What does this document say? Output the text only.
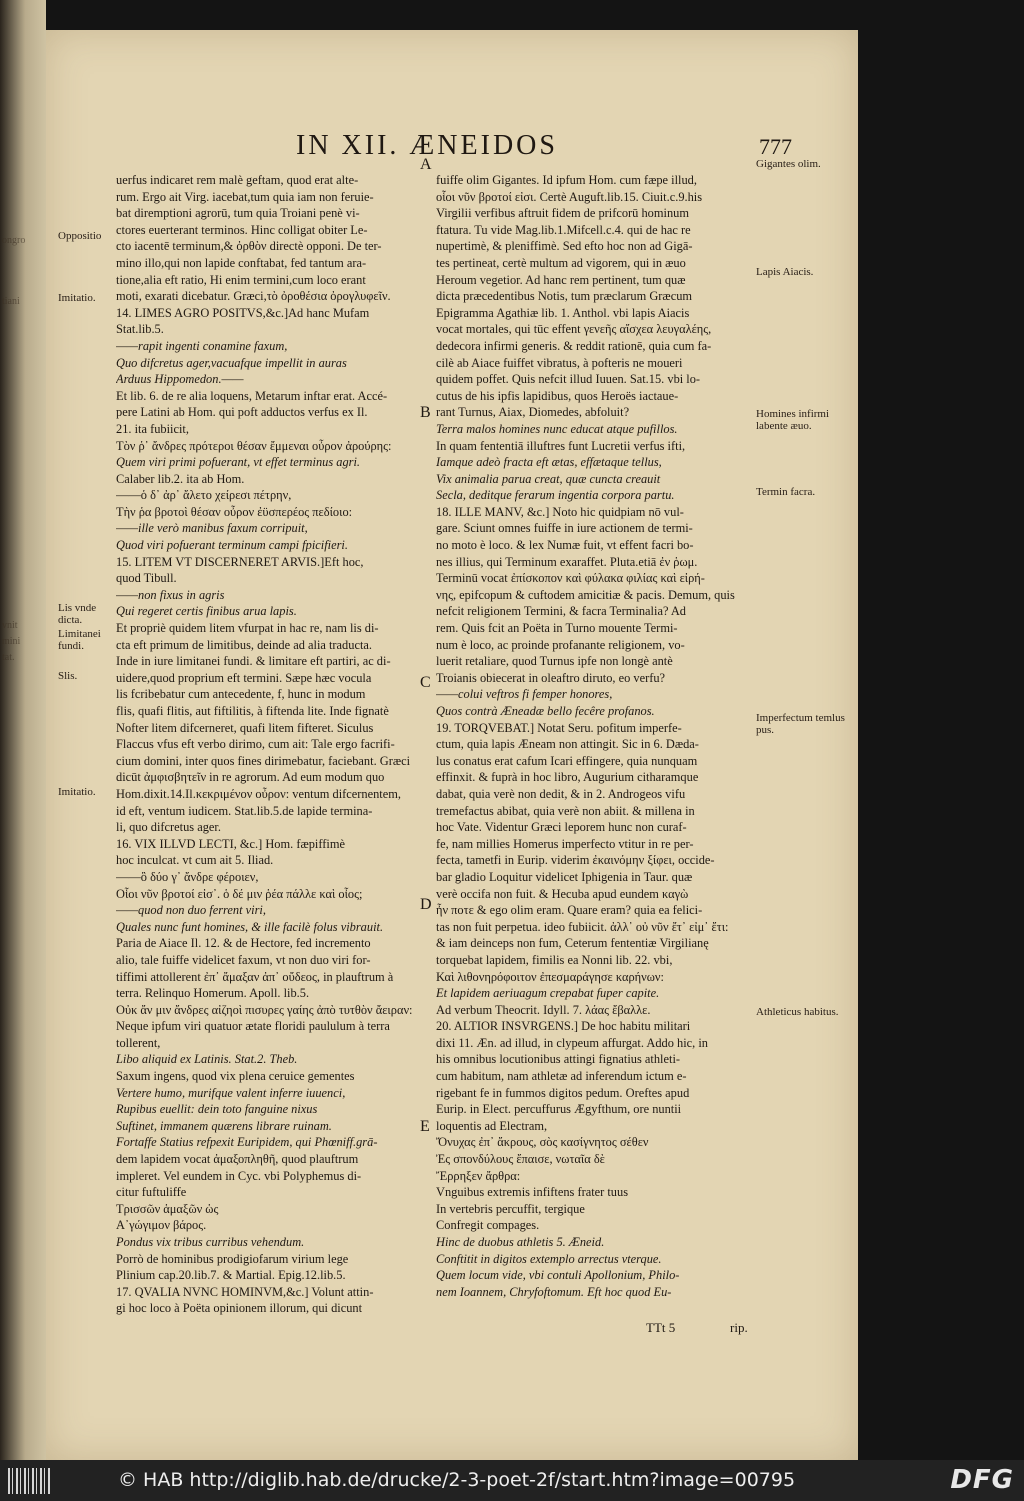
ongro
tiani
vnit
mini
tat.
IN XII. ÆNEIDOS	777
Oppositio
Imitatio.
Lis vnde dicta.
Limitanei fundi.
Slis.
Imitatio.
Gigantes olim.
Lapis Aiacis.
Homines infirmi labente æuo.
Termin facra.
Imperfectum temlus pus.
Athleticus habitus.
A
B
C
D
E
uerfus indicaret rem malè geftam, quod erat alte-
rum. Ergo ait Virg. iacebat,tum quia iam non feruie-
bat diremptioni agrorū, tum quia Troiani penè vi-
ctores euerterant terminos. Hinc colligat obiter Le-
cto iacentē terminum,& ὀρθὸν directè opponi. De ter-
mino illo,qui non lapide conftabat, fed tantum ara-
tione,alia eft ratio, Hi enim termini,cum loco erant
moti, exarati dicebatur. Græci,τὸ ὀροθέσια ὀρογλυφεῖν.
14. LIMES AGRO POSITVS,&c.]Ad hanc Mufam
Stat.lib.5.
——rapit ingenti conamine faxum,
Quo difcretus ager,vacuafque impellit in auras
Arduus Hippomedon.——
Et lib. 6. de re alia loquens, Metarum inftar erat. Accé-
pere Latini ab Hom. qui poft adductos verfus ex Il.
21. ita fubiicit,
Τὸν ῥ᾽ ἄνδρες πρότεροι θέσαν ἔμμεναι οὖρον ἀρούρης:
Quem viri primi pofuerant, vt effet terminus agri.
Calaber lib.2. ita ab Hom.
——ὁ δ᾽ ἀρ᾽ ἄλετο χείρεσι πέτρην,
Τὴν ῥα βροτοὶ θέσαν οὖρον ἐϋσπερέος πεδίοιο:
——ille verò manibus faxum corripuit,
Quod viri pofuerant terminum campi fpicifieri.
15. LITEM VT DISCERNERET ARVIS.]Eft hoc,
quod Tibull.
——non fixus in agris
Qui regeret certis finibus arua lapis.
Et propriè quidem litem vfurpat in hac re, nam lis di-
cta eft primum de limitibus, deinde ad alia traducta.
Inde in iure limitanei fundi. & limitare eft partiri, ac di-
uidere,quod proprium eft termini. Sæpe hæc vocula
lis fcribebatur cum antecedente, f, hunc in modum
flis, quafi flitis, aut fiftilitis, à fiftenda lite. Inde fignatè
Nofter litem difcerneret, quafi litem fifteret. Siculus
Flaccus vfus eft verbo dirimo, cum ait: Tale ergo facrifi-
cium domini, inter quos fines dirimebatur, faciebant. Græci
dicūt ἀμφισβητεῖν in re agrorum. Ad eum modum quo
Hom.dixit.14.Il.κεκριμένον οὖρον: ventum difcernentem,
id eft, ventum iudicem. Stat.lib.5.de lapide termina-
li, quo difcretus ager.
16. VIX ILLVD LECTI, &c.] Hom. fæpiffimè
hoc inculcat. vt cum ait 5. Iliad.
——ὃ δύο γ᾽ ἄνδρε φέροιεν,
Οἷοι νῦν βροτοί εἰσ᾽. ὁ δέ μιν ῥέα πάλλε καὶ οἶος;
——quod non duo ferrent viri,
Quales nunc funt homines, & ille facilè folus vibrauit.
Paria de Aiace Il. 12. & de Hectore, fed incremento
alio, tale fuiffe videlicet faxum, vt non duo viri for-
tiffimi attollerent ἐπ᾽ ἄμαξαν ἀπ᾽ οὔδεος, in plauftrum à
terra. Relinquo Homerum. Apoll. lib.5.
Οὐκ ἄν μιν ἄνδρες αἰζηοὶ πισυρες γαίης ἀπὸ τυτθὸν ἄειραν:
Neque ipfum viri quatuor ætate floridi paululum à terra
tollerent,
Libo aliquid ex Latinis. Stat.2. Theb.
Saxum ingens, quod vix plena ceruice gementes
Vertere humo, murifque valent inferre iuuenci,
Rupibus euellit: dein toto fanguine nixus
Suftinet, immanem quærens librare ruinam.
Fortaffe Statius refpexit Euripidem, qui Phœniff.grā-
dem lapidem vocat ἀμαξοπληθῆ, quod plauftrum
impleret. Vel eundem in Cyc. vbi Polyphemus di-
citur fuftuliffe
Τρισσῶν ἁμαξῶν ὡς
Α᾽γώγιμον βάρος.
Pondus vix tribus curribus vehendum.
Porrò de hominibus prodigiofarum virium lege
Plinium cap.20.lib.7. & Martial. Epig.12.lib.5.
17. QVALIA NVNC HOMINVM,&c.] Volunt attin-
gi hoc loco à Poëta opinionem illorum, qui dicunt
fuiffe olim Gigantes. Id ipfum Hom. cum fæpe illud,
οἷοι νῦν βροτοί εἰσι. Certè Auguft.lib.15. Ciuit.c.9.his
Virgilii verfibus aftruit fidem de prifcorū hominum
ftatura. Tu vide Mag.lib.1.Mifcell.c.4. qui de hac re
nupertimè, & pleniffimè. Sed efto hoc non ad Gigā-
tes pertineat, certè multum ad vigorem, qui in æuo
Heroum vegetior. Ad hanc rem pertinent, tum quæ
dicta præcedentibus Notis, tum præclarum Græcum
Epigramma Agathiæ lib. 1. Anthol. vbi lapis Aiacis
vocat mortales, qui tūc effent γενεῆς αἴσχεα λευγαλέης,
dedecora infirmi generis. & reddit rationē, quia cum fa-
cilè ab Aiace fuiffet vibratus, à pofteris ne moueri
quidem poffet. Quis nefcit illud Iuuen. Sat.15. vbi lo-
cutus de his ipfis lapidibus, quos Heroës iactaue-
rant Turnus, Aiax, Diomedes, abfoluit?
Terra malos homines nunc educat atque pufillos.
In quam fententiā illuftres funt Lucretii verfus ifti,
Iamque adeò fracta eft ætas, effætaque tellus,
Vix animalia parua creat, quæ cuncta creauit
Secla, deditque ferarum ingentia corpora partu.
18. ILLE MANV, &c.] Noto hic quidpiam nō vul-
gare. Sciunt omnes fuiffe in iure actionem de termi-
no moto è loco. & lex Numæ fuit, vt effent facri bo-
nes illius, qui Terminum exaraffet. Pluta.etiā ἐν ῥωμ.
Terminū vocat ἐπίσκοπον καὶ φύλακα φιλίας καὶ εἰρή-
νης, epifcopum & cuftodem amicitiæ & pacis. Demum, quis
nefcit religionem Termini, & facra Terminalia? Ad
rem. Quis fcit an Poëta in Turno mouente Termi-
num è loco, ac proinde profanante religionem, vo-
luerit retaliare, quod Turnus ipfe non longè antè
Troianis obiecerat in oleaftro diruto, eo verfu?
——colui veftros fi femper honores,
Quos contrà Æneadæ bello fecêre profanos.
19. TORQVEBAT.] Notat Seru. pofitum imperfe-
ctum, quia lapis Æneam non attingit. Sic in 6. Dæda-
lus conatus erat cafum Icari effingere, quia nunquam
effinxit. & fuprà in hoc libro, Augurium citharamque
dabat, quia verè non dedit, & in 2. Androgeos vifu
tremefactus abibat, quia verè non abiit. & millena in
hoc Vate. Videntur Græci leporem hunc non curaf-
fe, nam millies Homerus imperfecto vtitur in re per-
fecta, tametfi in Eurip. viderim ἐκαινόμην ξίφει, occide-
bar gladio Loquitur videlicet Iphigenia in Taur. quæ
verè occifa non fuit. & Hecuba apud eundem καγὼ
ἦν ποτε & ego olim eram. Quare eram? quia ea felici-
tas non fuit perpetua. ideo fubiicit. ἀλλ᾽ οὐ νῦν ἔτ᾽ εἰμ᾽ ἔτι:
& iam deinceps non fum, Ceterum fententiæ Virgilianę
torquebat lapidem, fimilis ea Nonni lib. 22. vbi,
Καὶ λιθονηρόφοιτον ἐπεσμαράγησε καρήνων:
Et lapidem aeriuagum crepabat fuper capite.
Ad verbum Theocrit. Idyll. 7. λάας ἔβαλλε.
20. ALTIOR INSVRGENS.] De hoc habitu militari
dixi 11. Æn. ad illud, in clypeum affurgat. Addo hic, in
his omnibus locutionibus attingi fignatius athleti-
cum habitum, nam athletæ ad inferendum ictum e-
rigebant fe in fummos digitos pedum. Oreftes apud
Eurip. in Elect. percuffurus Ægyfthum, ore nuntii
loquentis ad Electram,
Ὄνυχας ἐπ᾽ ἄκρους, σὸς κασίγνητος σέθεν
Ἐς σπονδύλους ἔπαισε, νωταῖα δὲ
Ἔρρηξεν ἄρθρα:
Vnguibus extremis infiftens frater tuus
In vertebris percuffit, tergique
Confregit compages.
Hinc de duobus athletis 5. Æneid.
Conftitit in digitos extemplo arrectus vterque.
Quem locum vide, vbi contuli Apollonium, Philo-
nem Ioannem, Chryfoftomum. Eft hoc quod Eu-
TTt 5	rip.
© HAB http://diglib.hab.de/drucke/2-3-poet-2f/start.htm?image=00795	DFG
